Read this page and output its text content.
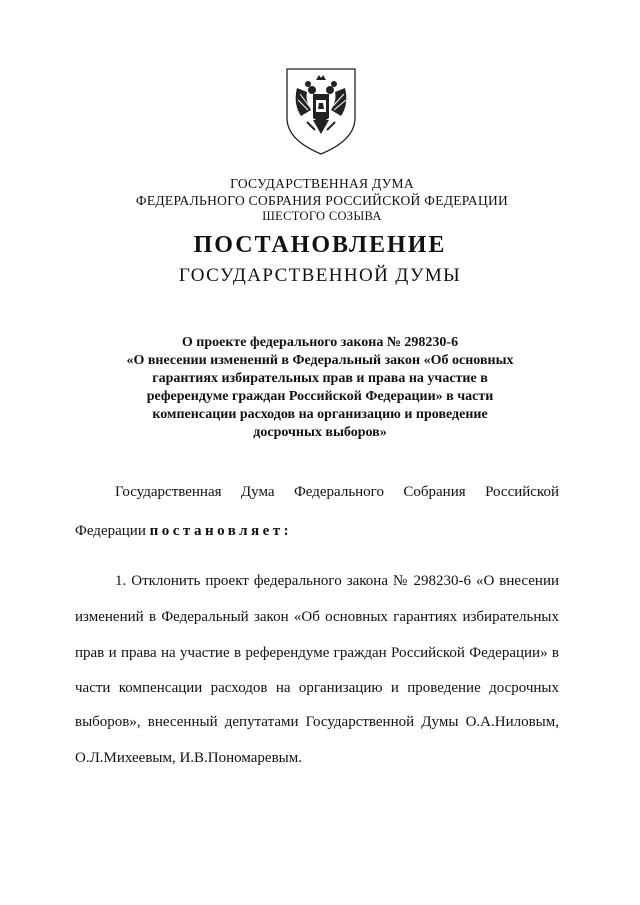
ГОСУДАРСТВЕННАЯ ДУМА
ФЕДЕРАЛЬНОГО СОБРАНИЯ РОССИЙСКОЙ ФЕДЕРАЦИИ
ШЕСТОГО СОЗЫВА
ПОСТАНОВЛЕНИЕ
ГОСУДАРСТВЕННОЙ ДУМЫ
О проекте федерального закона № 298230-6
«О внесении изменений в Федеральный закон «Об основных
гарантиях избирательных прав и права на участие в
референдуме граждан Российской Федерации» в части
компенсации расходов на организацию и проведение
досрочных выборов»
Государственная Дума Федерального Собрания Российской
Федерации постановляет:
1. Отклонить проект федерального закона № 298230-6 «О внесении
изменений в Федеральный закон «Об основных гарантиях избирательных
прав и права на участие в референдуме граждан Российской Федерации» в
части компенсации расходов на организацию и проведение досрочных
выборов», внесенный депутатами Государственной Думы О.А.Ниловым,
О.Л.Михеевым, И.В.Пономаревым.
